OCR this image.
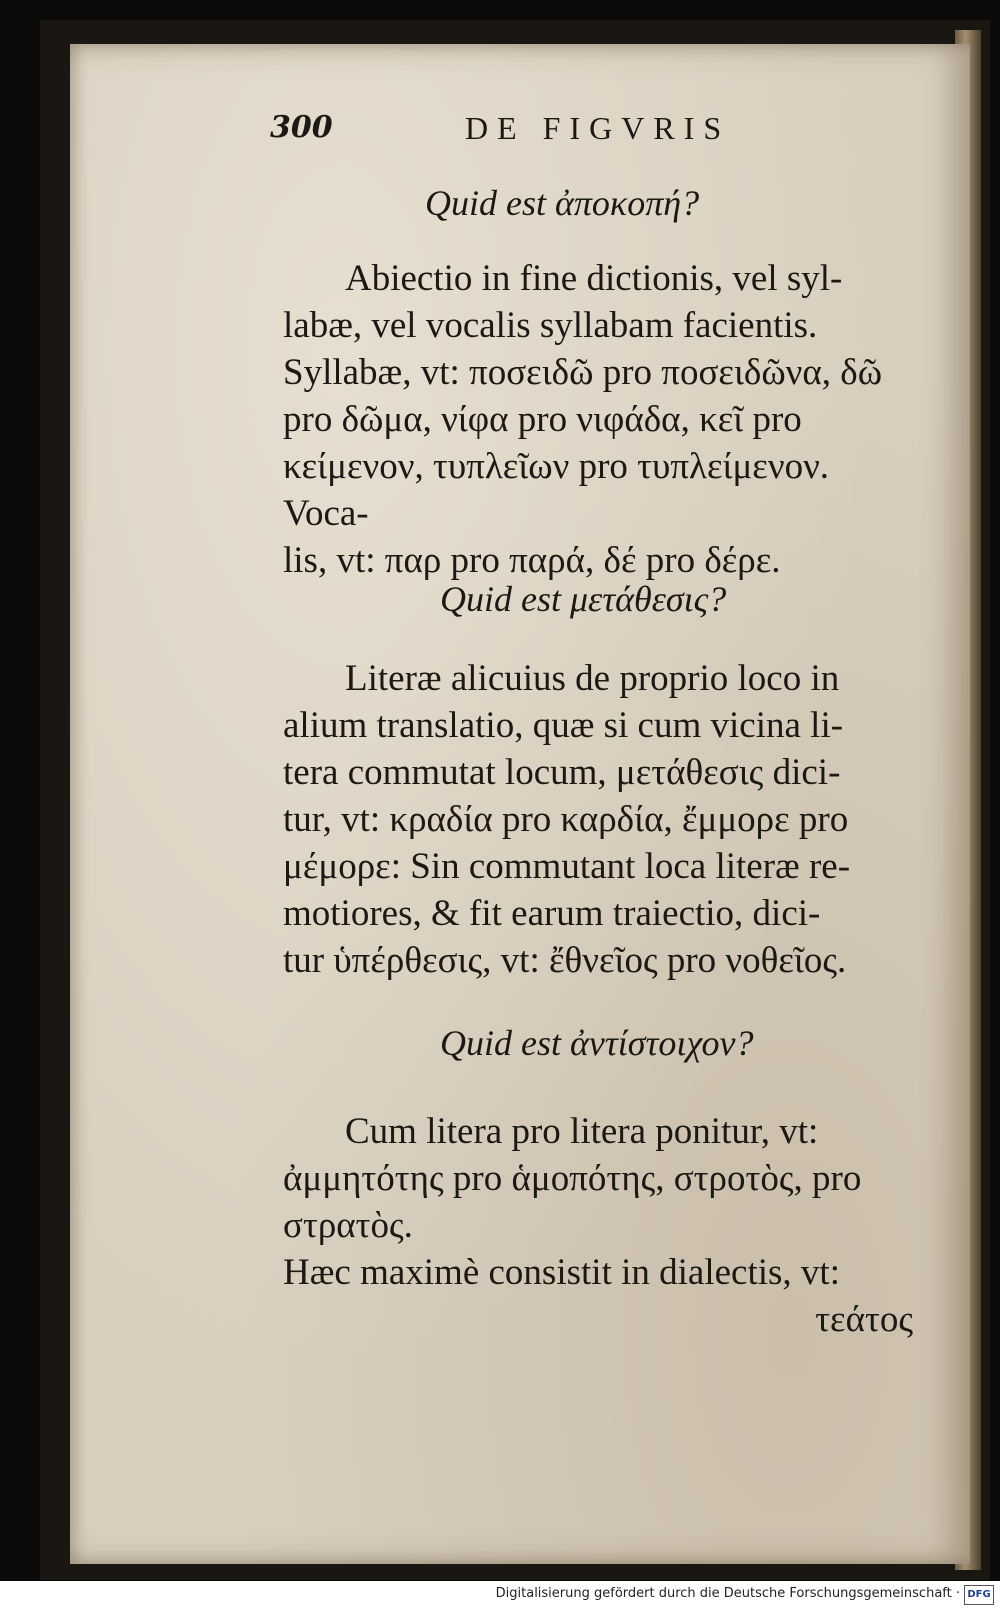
300	DE FIGVRIS
Quid est ἀποκοπή?
Abiectio in fine dictionis, vel syl-
labæ, vel vocalis syllabam facientis.
Syllabæ, vt: ποσειδῶ pro ποσειδῶνα, δῶ
pro δῶμα, νίφα pro νιφάδα, κεῖ pro
κείμενον, τυπλεῖων pro τυπλείμενον. Voca-
lis, vt: παρ pro παρά, δέ pro δέρε.
Quid est μετάθεσις?
Literæ alicuius de proprio loco in
alium translatio, quæ si cum vicina li-
tera commutat locum, μετάθεσις dici-
tur, vt: κραδία pro καρδία, ἔμμορε pro
μέμορε: Sin commutant loca literæ re-
motiores, & fit earum traiectio, dici-
tur ὑπέρθεσις, vt: ἔθνεῖος pro νοθεῖος.
Quid est ἀντίστοιχον?
Cum litera pro litera ponitur, vt:
ἀμμητότης pro ἁμοπότης, στροτὸς, pro στρατὸς.
Hæc maximè consistit in dialectis, vt:
τεάτος
Digitalisierung gefördert durch die Deutsche Forschungsgemeinschaft · DFG
